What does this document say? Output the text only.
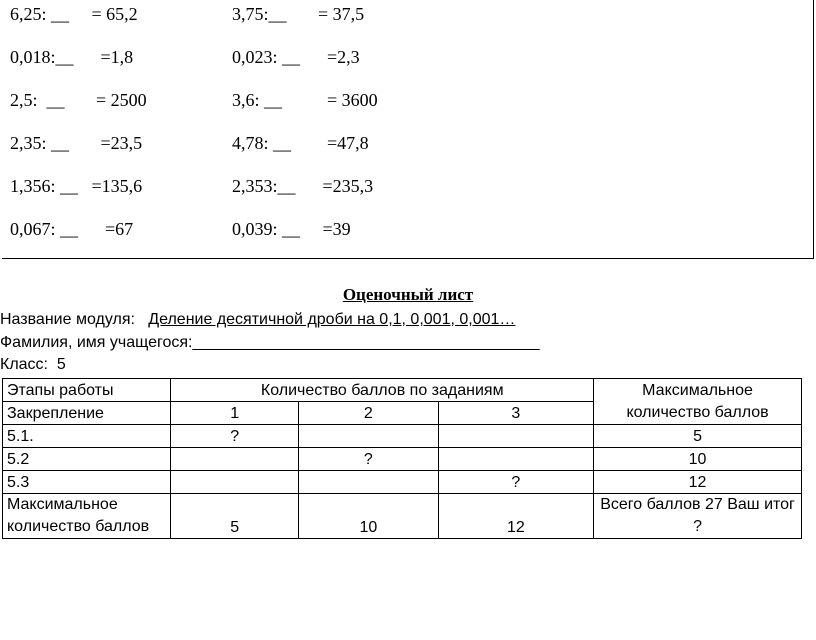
6,25: __     = 65,2

	3,75:__       = 37,5

0,018:__      =1,8

	0,023: __      =2,3

2,5:  __       = 2500

	3,6: __          = 3600

2,35: __       =23,5

	4,78: __        =47,8

1,356: __   =135,6

	2,353:__      =235,3

0,067: __      =67

	0,039: __     =39

Оценочный лист
Название модуля: Деление десятичной дроби на 0,1, 0,001, 0,001…
Фамилия, имя учащегося:_______________________________________
Класс:  5
Этапы работы	Количество баллов по заданиям			Максимальное количество баллов
Закрепление	1	2	3	
5.1.	?			5
5.2		?		10
5.3			?	12
Максимальное количество баллов	5	10	12	Всего баллов 27 Ваш итог ?
